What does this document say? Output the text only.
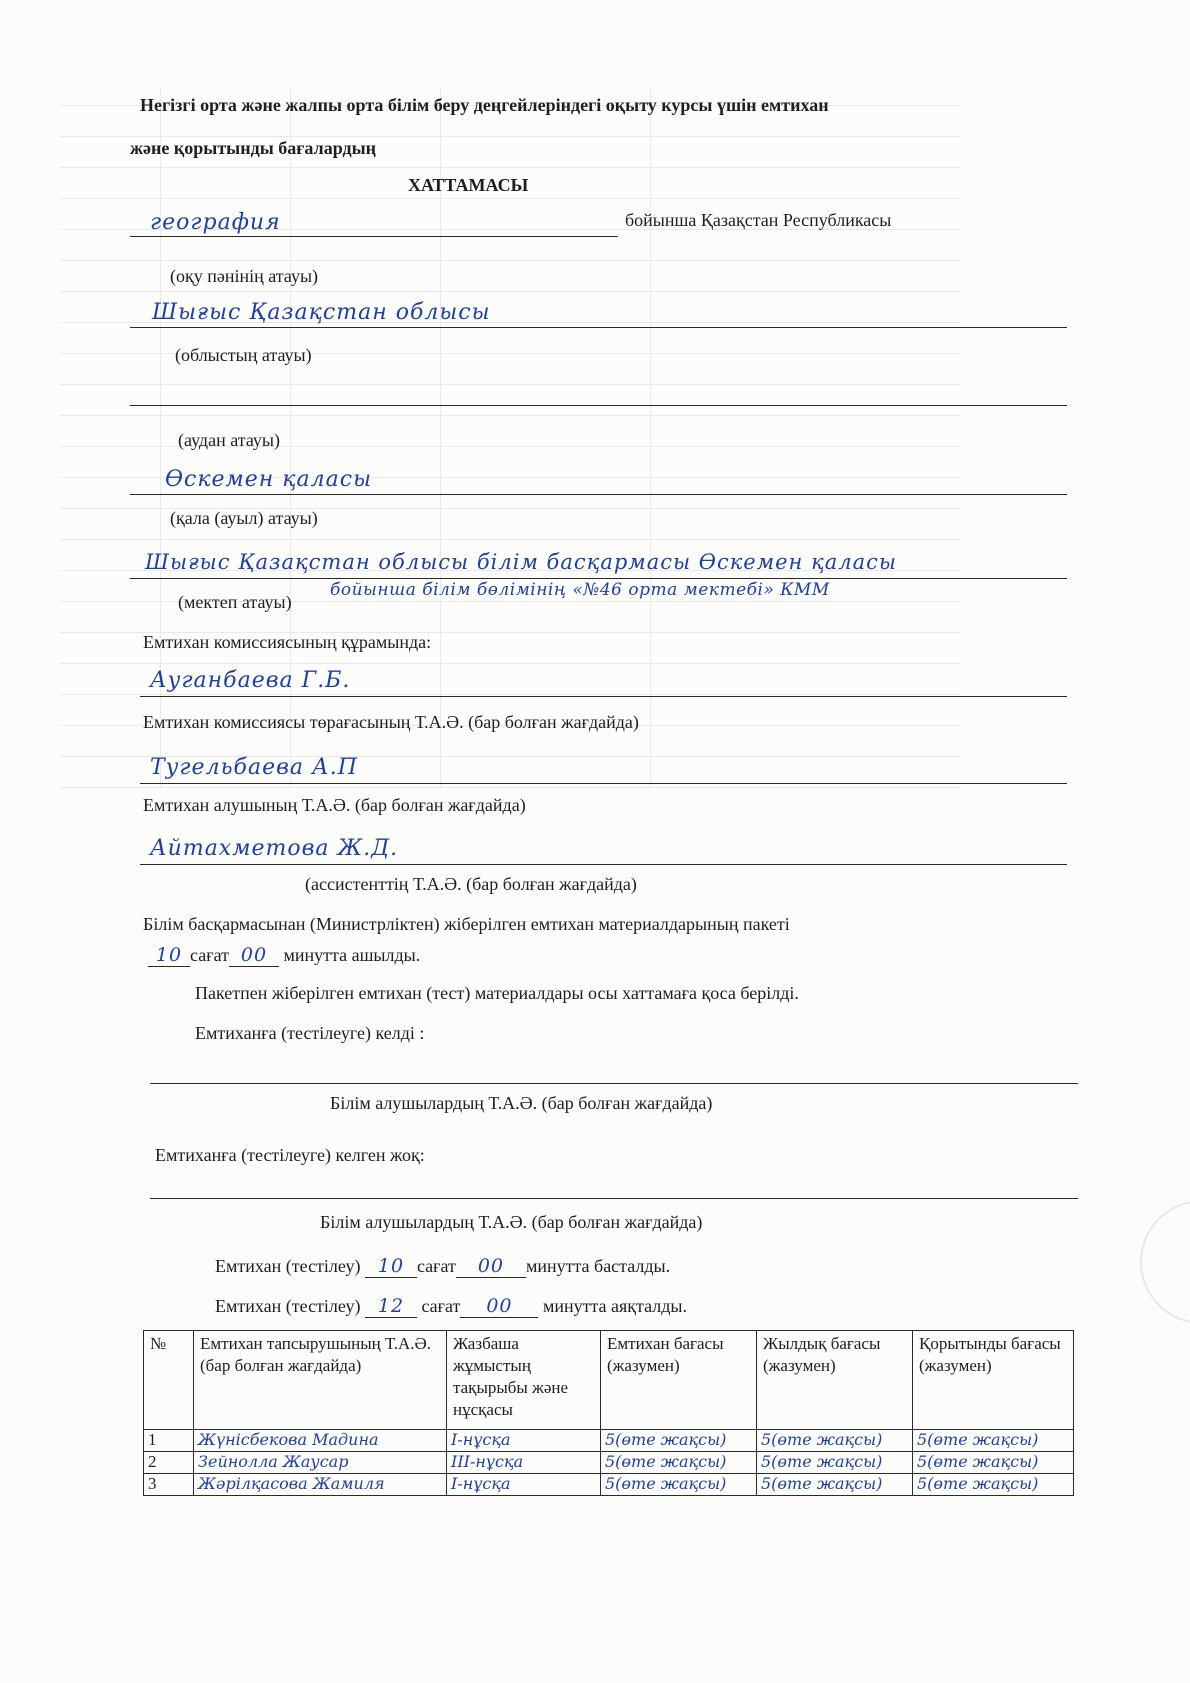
Негізгі орта және жалпы орта білім беру деңгейлеріндегі оқыту курсы үшін емтихан
және қорытынды бағалардың
ХАТТАМАСЫ
география	бойынша Қазақстан Республикасы
(оқу пәнінің атауы)
Шығыс Қазақстан облысы
(облыстың атауы)
(аудан атауы)
Өскемен қаласы
(қала (ауыл) атауы)
Шығыс Қазақстан облысы білім басқармасы Өскемен қаласы
(мектеп атауы)
бойынша білім бөлімінің «№46 орта мектебі» КММ
Емтихан комиссиясының құрамында:
Ауганбаева Г.Б.
Емтихан комиссиясы төрағасының Т.А.Ә. (бар болған жағдайда)
Тугельбаева А.П
Емтихан алушының Т.А.Ә. (бар болған жағдайда)
Айтахметова Ж.Д.
(ассистенттің Т.А.Ә. (бар болған жағдайда)
Білім басқармасынан (Министрліктен) жіберілген емтихан материалдарының пакеті
10 сағат 00 минутта ашылды.
Пакетпен жіберілген емтихан (тест) материалдары осы хаттамаға қоса берілді.
Емтиханға (тестілеуге) келді :
Білім алушылардың Т.А.Ә. (бар болған жағдайда)
Емтиханға (тестілеуге) келген жоқ:
Білім алушылардың Т.А.Ә. (бар болған жағдайда)
Емтихан (тестілеу) 10 сағат 00 минутта басталды.
Емтихан (тестілеу) 12 сағат 00 минутта аяқталды.
№	Емтихан тапсырушының Т.А.Ә. (бар болған жағдайда)	Жазбаша жұмыстың тақырыбы және нұсқасы	Емтихан бағасы (жазумен)	Жылдық бағасы (жазумен)	Қорытынды бағасы (жазумен)
1	Жүнісбекова Мадина	І-нұсқа	5(өте жақсы)	5(өте жақсы)	5(өте жақсы)
2	Зейнолла Жаусар	ІІІ-нұсқа	5(өте жақсы)	5(өте жақсы)	5(өте жақсы)
3	Жәрілқасова Жамиля	І-нұсқа	5(өте жақсы)	5(өте жақсы)	5(өте жақсы)
